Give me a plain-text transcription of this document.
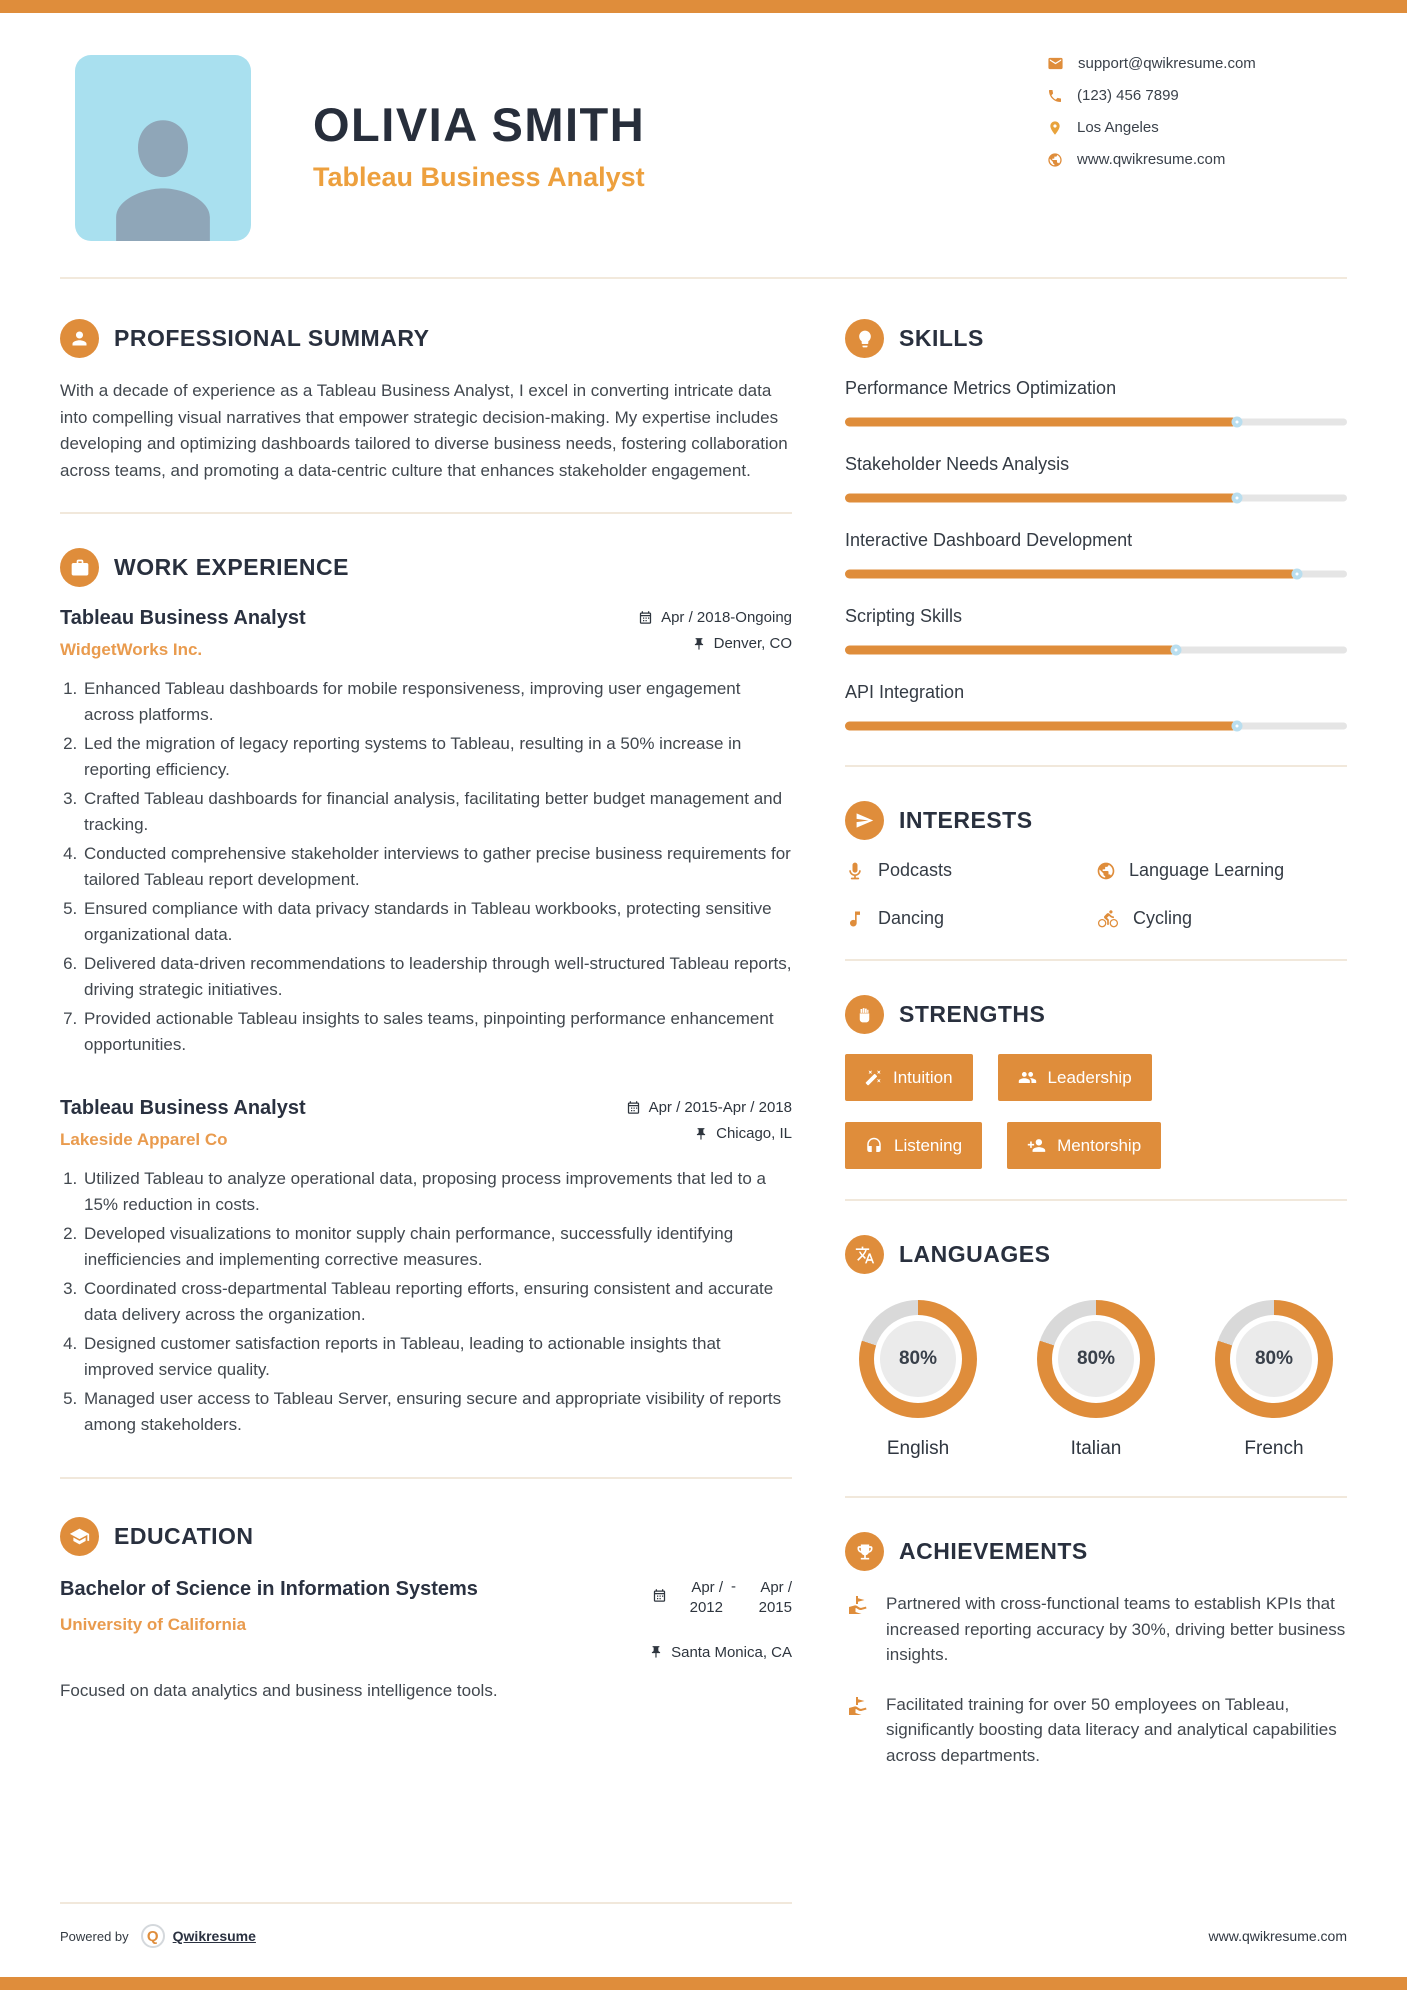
OLIVIA SMITH
Tableau Business Analyst
support@qwikresume.com
(123) 456 7899
Los Angeles
www.qwikresume.com
PROFESSIONAL SUMMARY

With a decade of experience as a Tableau Business Analyst, I excel in converting intricate data into compelling visual narratives that empower strategic decision-making. My expertise includes developing and optimizing dashboards tailored to diverse business needs, fostering collaboration across teams, and promoting a data-centric culture that enhances stakeholder engagement.

WORK EXPERIENCE
Tableau Business Analyst
WidgetWorks Inc.
Apr / 2018-Ongoing
Denver, CO
1. Enhanced Tableau dashboards for mobile responsiveness, improving user engagement across platforms.
2. Led the migration of legacy reporting systems to Tableau, resulting in a 50% increase in reporting efficiency.
3. Crafted Tableau dashboards for financial analysis, facilitating better budget management and tracking.
4. Conducted comprehensive stakeholder interviews to gather precise business requirements for tailored Tableau report development.
5. Ensured compliance with data privacy standards in Tableau workbooks, protecting sensitive organizational data.
6. Delivered data-driven recommendations to leadership through well-structured Tableau reports, driving strategic initiatives.
7. Provided actionable Tableau insights to sales teams, pinpointing performance enhancement opportunities.
Tableau Business Analyst
Lakeside Apparel Co
Apr / 2015-Apr / 2018
Chicago, IL
1. Utilized Tableau to analyze operational data, proposing process improvements that led to a 15% reduction in costs.
2. Developed visualizations to monitor supply chain performance, successfully identifying inefficiencies and implementing corrective measures.
3. Coordinated cross-departmental Tableau reporting efforts, ensuring consistent and accurate data delivery across the organization.
4. Designed customer satisfaction reports in Tableau, leading to actionable insights that improved service quality.
5. Managed user access to Tableau Server, ensuring secure and appropriate visibility of reports among stakeholders.
EDUCATION
Bachelor of Science in Information Systems
University of California
Apr / 2012
-	Apr / 2015
Santa Monica, CA
Focused on data analytics and business intelligence tools.
SKILLS
Performance Metrics Optimization
Stakeholder Needs Analysis
Interactive Dashboard Development
Scripting Skills
API Integration
INTERESTS
Podcasts	Language Learning
Dancing	Cycling
STRENGTHS
Intuition	Leadership
Listening	Mentorship
LANGUAGES
80%
English
80%
Italian
80%
French
ACHIEVEMENTS
Partnered with cross-functional teams to establish KPIs that increased reporting accuracy by 30%, driving better business insights.
Facilitated training for over 50 employees on Tableau, significantly boosting data literacy and analytical capabilities across departments.
Powered by	Q	Qwikresume	www.qwikresume.com
